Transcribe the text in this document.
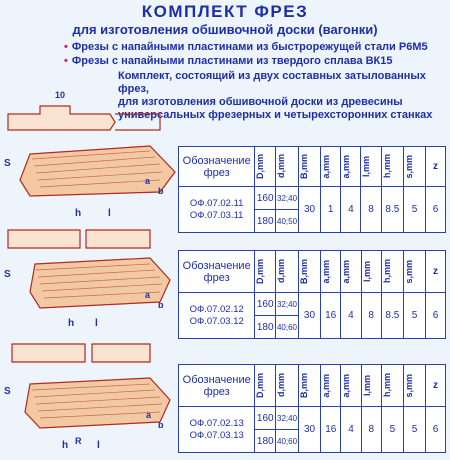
КОМПЛЕКТ ФРЕЗ
для изготовления обшивочной доски (вагонки)
• Фрезы с напайными пластинами из быстрорежущей стали Р6М5
• Фрезы с напайными пластинами из твердого сплава ВК15
Комплект, состоящий из двух составных затылованных фрез,
для изготовления обшивочной доски из древесины
универсальных фрезерных и четырехсторонних станках
10
S
h	l
a
b
S
h l
a
b
S
h R l
a
b
Обозначение фрез	D,mm	d,mm	B,mm	a,mm	a,mm	l,mm	h,mm	s,mm	z

ОФ.07.02.11
ОФ.07.03.11	160	32;40	30	1	4	8	8.5	5	6
	180	40;50							
Обозначение фрез	D,mm	d,mm	B,mm	a,mm	a,mm	l,mm	h,mm	s,mm	z

ОФ.07.02.12
ОФ.07.03.12	160	32;40	30	16	4	8	8.5	5	6
	180	40;60							
Обозначение фрез	D,mm	d,mm	B,mm	a,mm	a,mm	l,mm	h,mm	s,mm	z

ОФ.07.02.13
ОФ.07.03.13	160	32;40	30	16	4	8	5	5	6
	180	40;60							
